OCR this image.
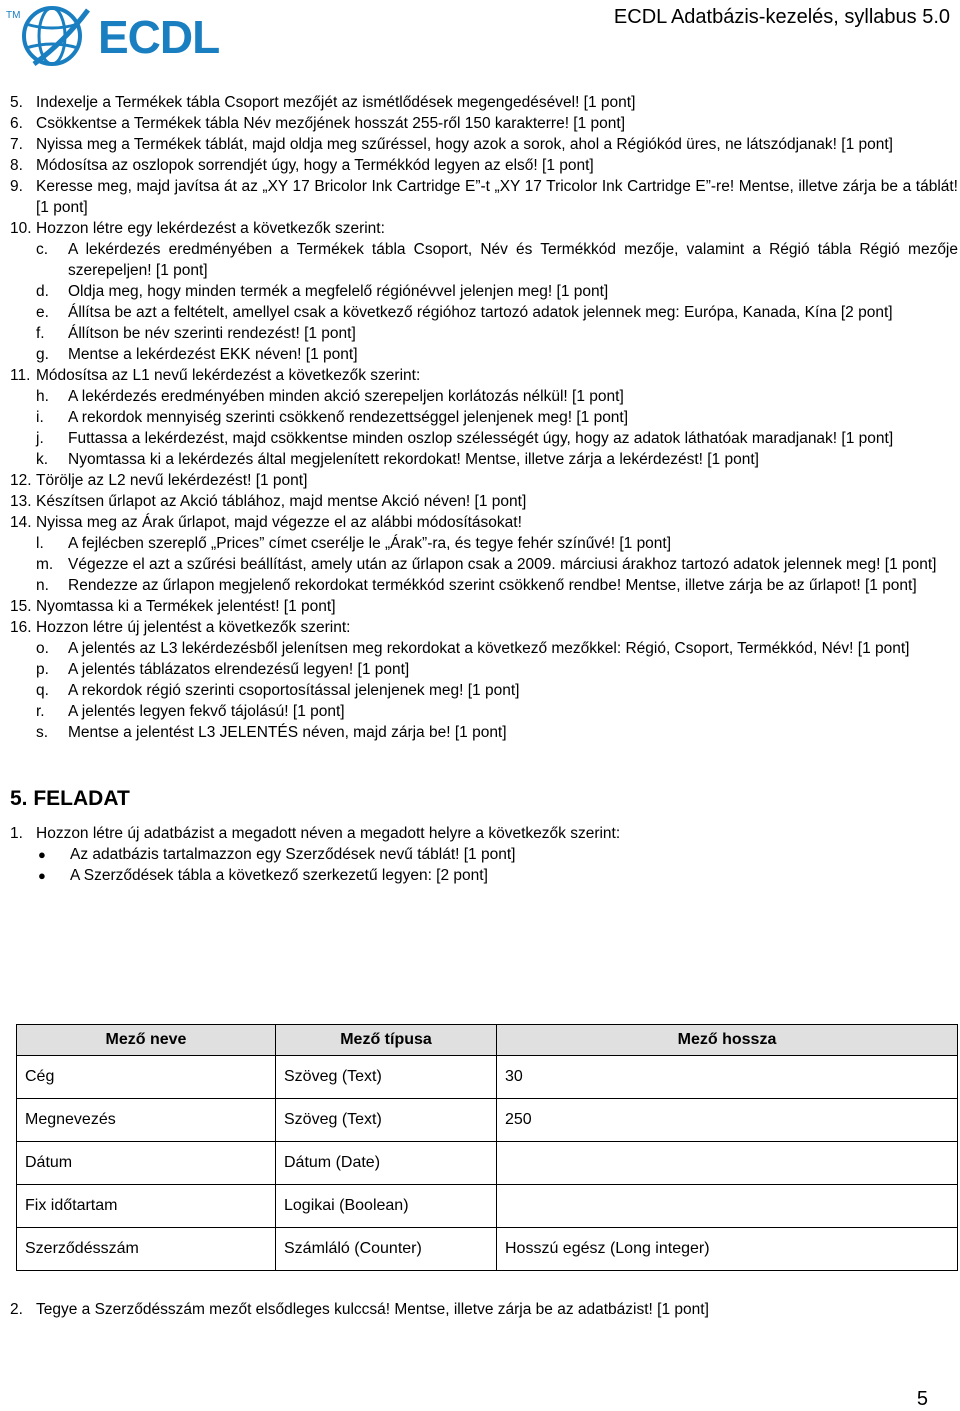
TM ECDL	ECDL Adatbázis-kezelés, syllabus 5.0
5. Indexelje a Termékek tábla Csoport mezőjét az ismétlődések megengedésével! [1 pont]
6. Csökkentse a Termékek tábla Név mezőjének hosszát 255-ről 150 karakterre! [1 pont]
7. Nyissa meg a Termékek táblát, majd oldja meg szűréssel, hogy azok a sorok, ahol a Régiókód üres, ne látszódjanak! [1 pont]
8. Módosítsa az oszlopok sorrendjét úgy, hogy a Termékkód legyen az első! [1 pont]
9. Keresse meg, majd javítsa át az „XY 17 Bricolor Ink Cartridge E”-t „XY 17 Tricolor Ink Cartridge E”-re! Mentse, illetve zárja be a táblát! [1 pont]
10. Hozzon létre egy lekérdezést a következők szerint:
c.	A lekérdezés eredményében a Termékek tábla Csoport, Név és Termékkód mezője, valamint a Régió tábla Régió mezője szerepeljen! [1 pont]
d.	Oldja meg, hogy minden termék a megfelelő régiónévvel jelenjen meg! [1 pont]
e.	Állítsa be azt a feltételt, amellyel csak a következő régióhoz tartozó adatok jelennek meg: Európa, Kanada, Kína [2 pont]
f.	Állítson be név szerinti rendezést! [1 pont]
g.	Mentse a lekérdezést EKK néven! [1 pont]
11. Módosítsa az L1 nevű lekérdezést a következők szerint:
h.	A lekérdezés eredményében minden akció szerepeljen korlátozás nélkül! [1 pont]
i.	A rekordok mennyiség szerinti csökkenő rendezettséggel jelenjenek meg! [1 pont]
j.	Futtassa a lekérdezést, majd csökkentse minden oszlop szélességét úgy, hogy az adatok láthatóak maradjanak! [1 pont]
k.	Nyomtassa ki a lekérdezés által megjelenített rekordokat! Mentse, illetve zárja a lekérdezést! [1 pont]
12. Törölje az L2 nevű lekérdezést! [1 pont]
13. Készítsen űrlapot az Akció táblához, majd mentse Akció néven! [1 pont]
14. Nyissa meg az Árak űrlapot, majd végezze el az alábbi módosításokat!
l.	A fejlécben szereplő „Prices” címet cserélje le „Árak”-ra, és tegye fehér színűvé! [1 pont]
m. Végezze el azt a szűrési beállítást, amely után az űrlapon csak a 2009. márciusi árakhoz tartozó adatok jelennek meg! [1 pont]
n.	Rendezze az űrlapon megjelenő rekordokat termékkód szerint csökkenő rendbe! Mentse, illetve zárja be az űrlapot! [1 pont]
15. Nyomtassa ki a Termékek jelentést! [1 pont]
16. Hozzon létre új jelentést a következők szerint:
o.	A jelentés az L3 lekérdezésből jelenítsen meg rekordokat a következő mezőkkel: Régió, Csoport, Termékkód, Név! [1 pont]
p.	A jelentés táblázatos elrendezésű legyen! [1 pont]
q.	A rekordok régió szerinti csoportosítással jelenjenek meg! [1 pont]
r.	A jelentés legyen fekvő tájolású! [1 pont]
s.	Mentse a jelentést L3 JELENTÉS néven, majd zárja be! [1 pont]
5. FELADAT
1. Hozzon létre új adatbázist a megadott néven a megadott helyre a következők szerint:
●	Az adatbázis tartalmazzon egy Szerződések nevű táblát! [1 pont]
●	A Szerződések tábla a következő szerkezetű legyen: [2 pont]
Mező neve	Mező típusa	Mező hossza
Cég	Szöveg (Text)	30
Megnevezés	Szöveg (Text)	250
Dátum	Dátum (Date)	
Fix időtartam	Logikai (Boolean)	
Szerződésszám	Számláló (Counter)	Hosszú egész (Long integer)
2. Tegye a Szerződésszám mezőt elsődleges kulccsá! Mentse, illetve zárja be az adatbázist! [1 pont]
5
